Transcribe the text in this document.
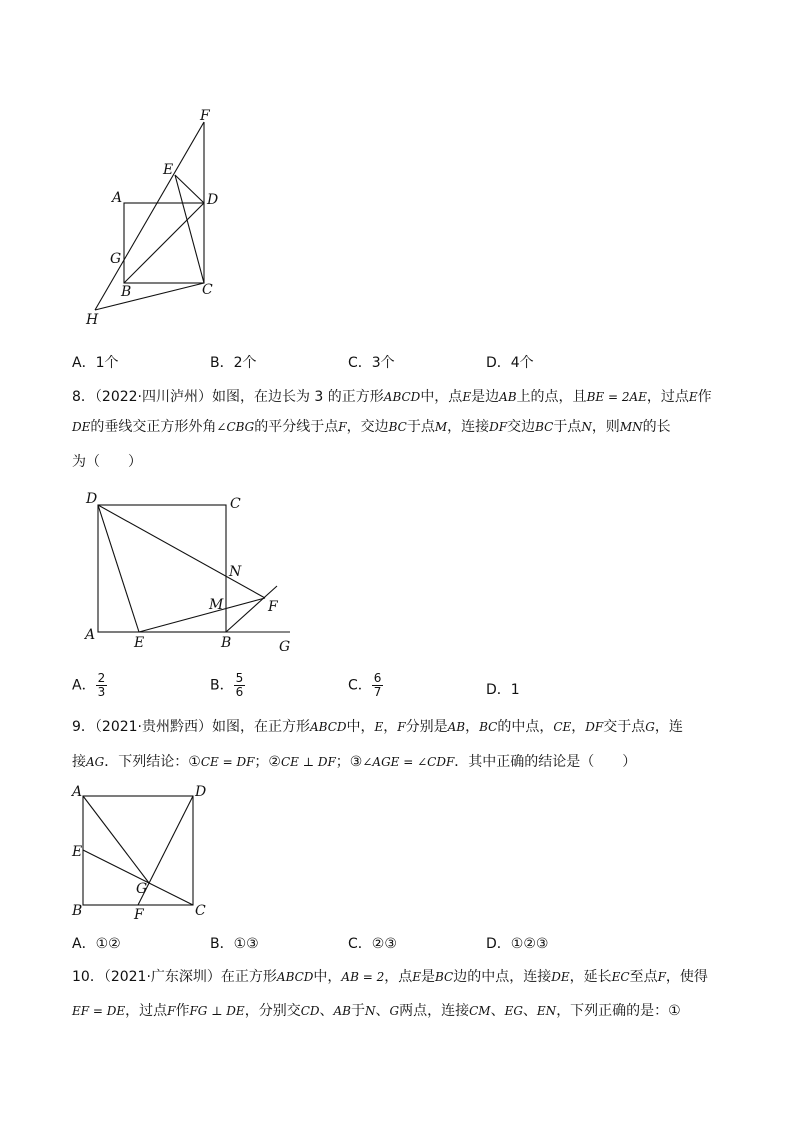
F
E
A	D
G
B	C
H
A．1个	B．2个	C．3个	D．4个
8．（2022·四川泸州）如图，在边长为 3 的正方形ABCD中，点E是边AB上的点，且BE = 2AE，过点E作
DE的垂线交正方形外角∠CBG的平分线于点F，交边BC于点M，连接DF交边BC于点N，则MN的长
为（　　）
D	C
N
M	F
A	E	B	G
A． $\frac{2}{3}$	B． $\frac{5}{6}$	C． $\frac{6}{7}$	D．1
9．（2021·贵州黔西）如图，在正方形ABCD中，E，F分别是AB，BC的中点，CE，DF交于点G，连
接AG．下列结论：①CE = DF；②CE ⊥ DF；③∠AGE = ∠CDF．其中正确的结论是（　　）
A	D
E
G
B	F	C
A．①②	B．①③	C．②③	D．①②③
10．（2021·广东深圳）在正方形ABCD中，AB = 2，点E是BC边的中点，连接DE，延长EC至点F，使得
EF = DE，过点F作FG ⊥ DE，分别交CD、AB于N、G两点，连接CM、EG、EN，下列正确的是：①
